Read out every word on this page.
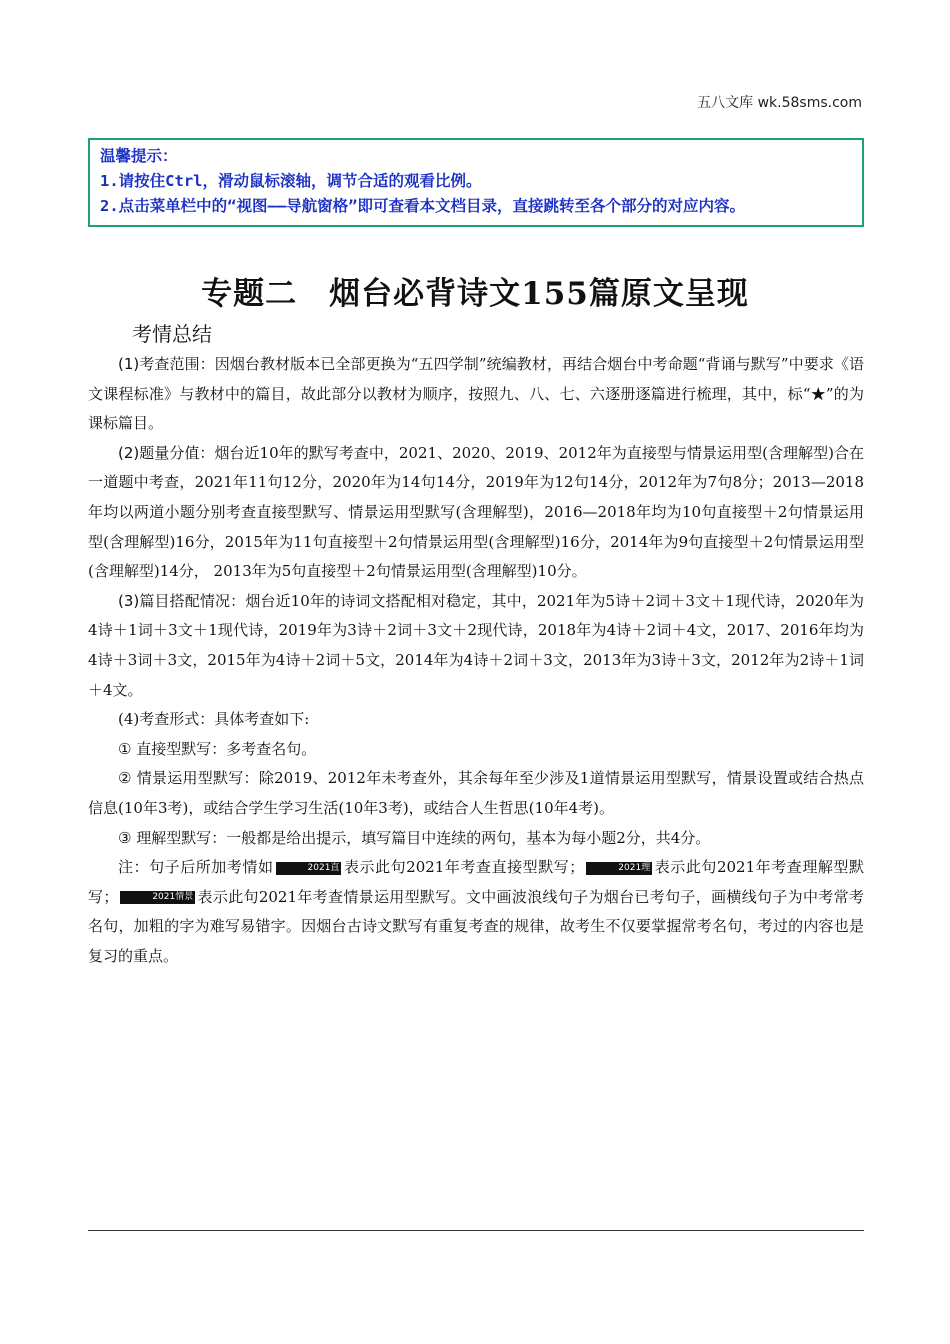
五八文库 wk.58sms.com
温馨提示：
1.请按住Ctrl，滑动鼠标滚轴，调节合适的观看比例。
2.点击菜单栏中的“视图——导航窗格”即可查看本文档目录，直接跳转至各个部分的对应内容。
专题二　烟台必背诗文155篇原文呈现
考情总结

(1)考查范围：因烟台教材版本已全部更换为“五四学制”统编教材，再结合烟台中考命题“背诵与默写”中要求《语文课程标准》与教材中的篇目，故此部分以教材为顺序，按照九、八、七、六逐册逐篇进行梳理，其中，标“★”的为课标篇目。

(2)题量分值：烟台近10年的默写考查中，2021、2020、2019、2012年为直接型与情景运用型(含理解型)合在一道题中考查，2021年11句12分，2020年为14句14分，2019年为12句14分，2012年为7句8分；2013—2018年均以两道小题分别考查直接型默写、情景运用型默写(含理解型)，2016—2018年均为10句直接型＋2句情景运用型(含理解型)16分，2015年为11句直接型＋2句情景运用型(含理解型)16分，2014年为9句直接型＋2句情景运用型(含理解型)14分， 2013年为5句直接型＋2句情景运用型(含理解型)10分。

(3)篇目搭配情况：烟台近10年的诗词文搭配相对稳定，其中，2021年为5诗＋2词＋3文＋1现代诗，2020年为4诗＋1词＋3文＋1现代诗，2019年为3诗＋2词＋3文＋2现代诗，2018年为4诗＋2词＋4文，2017、2016年均为4诗＋3词＋3文，2015年为4诗＋2词＋5文，2014年为4诗＋2词＋3文，2013年为3诗＋3文，2012年为2诗＋1词＋4文。

(4)考查形式：具体考查如下:

① 直接型默写：多考查名句。

② 情景运用型默写：除2019、2012年未考查外，其余每年至少涉及1道情景运用型默写，情景设置或结合热点信息(10年3考)，或结合学生学习生活(10年3考)，或结合人生哲思(10年4考)。

③ 理解型默写：一般都是给出提示，填写篇目中连续的两句，基本为每小题2分，共4分。

注：句子后所加考情如	2021直 表示此句2021年考查直接型默写；	2021理 表示此句2021年考查理解型默写；	2021情景 表示此句2021年考查情景运用型默写。文中画波浪线句子为烟台已考句子，画横线句子为中考常考名句，加粗的字为难写易错字。因烟台古诗文默写有重复考查的规律，故考生不仅要掌握常考名句，考过的内容也是复习的重点。
